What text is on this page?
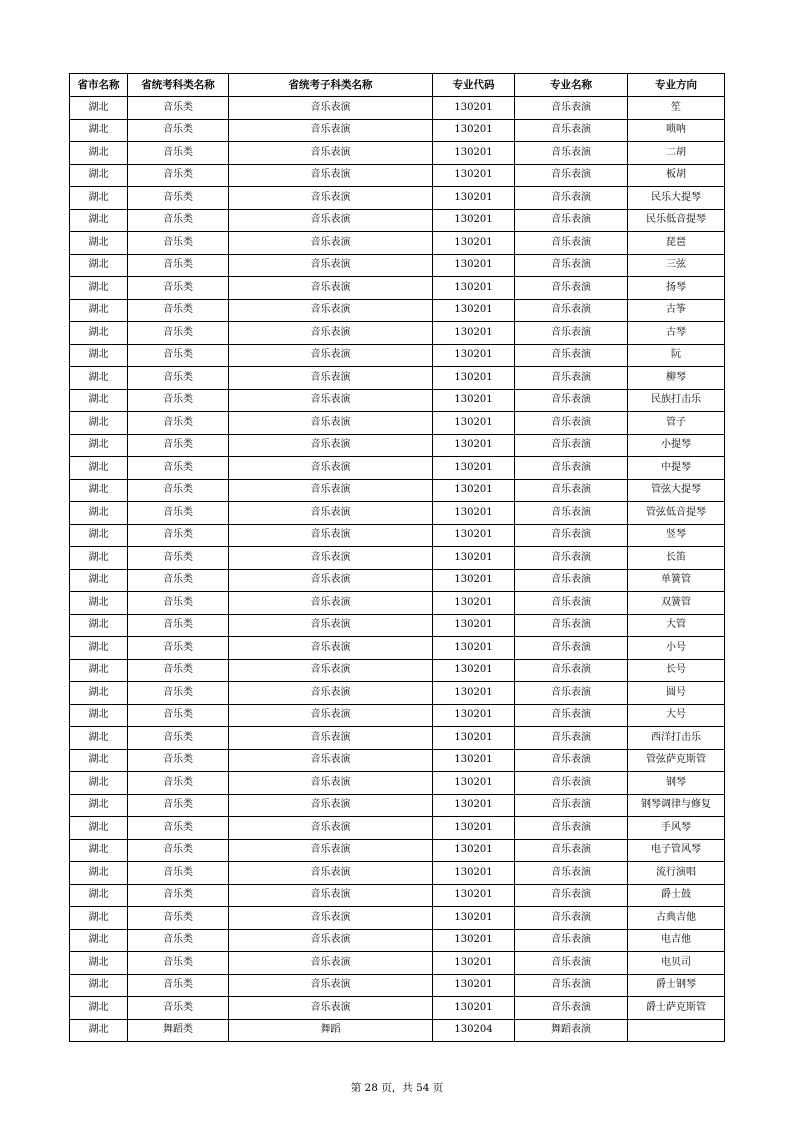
省市名称	省统考科类名称	省统考子科类名称	专业代码	专业名称	专业方向
湖北	音乐类	音乐表演	130201	音乐表演	笙
湖北	音乐类	音乐表演	130201	音乐表演	唢呐
湖北	音乐类	音乐表演	130201	音乐表演	二胡
湖北	音乐类	音乐表演	130201	音乐表演	板胡
湖北	音乐类	音乐表演	130201	音乐表演	民乐大提琴
湖北	音乐类	音乐表演	130201	音乐表演	民乐低音提琴
湖北	音乐类	音乐表演	130201	音乐表演	琵琶
湖北	音乐类	音乐表演	130201	音乐表演	三弦
湖北	音乐类	音乐表演	130201	音乐表演	扬琴
湖北	音乐类	音乐表演	130201	音乐表演	古筝
湖北	音乐类	音乐表演	130201	音乐表演	古琴
湖北	音乐类	音乐表演	130201	音乐表演	阮
湖北	音乐类	音乐表演	130201	音乐表演	柳琴
湖北	音乐类	音乐表演	130201	音乐表演	民族打击乐
湖北	音乐类	音乐表演	130201	音乐表演	管子
湖北	音乐类	音乐表演	130201	音乐表演	小提琴
湖北	音乐类	音乐表演	130201	音乐表演	中提琴
湖北	音乐类	音乐表演	130201	音乐表演	管弦大提琴
湖北	音乐类	音乐表演	130201	音乐表演	管弦低音提琴
湖北	音乐类	音乐表演	130201	音乐表演	竖琴
湖北	音乐类	音乐表演	130201	音乐表演	长笛
湖北	音乐类	音乐表演	130201	音乐表演	单簧管
湖北	音乐类	音乐表演	130201	音乐表演	双簧管
湖北	音乐类	音乐表演	130201	音乐表演	大管
湖北	音乐类	音乐表演	130201	音乐表演	小号
湖北	音乐类	音乐表演	130201	音乐表演	长号
湖北	音乐类	音乐表演	130201	音乐表演	圆号
湖北	音乐类	音乐表演	130201	音乐表演	大号
湖北	音乐类	音乐表演	130201	音乐表演	西洋打击乐
湖北	音乐类	音乐表演	130201	音乐表演	管弦萨克斯管
湖北	音乐类	音乐表演	130201	音乐表演	钢琴
湖北	音乐类	音乐表演	130201	音乐表演	钢琴调律与修复
湖北	音乐类	音乐表演	130201	音乐表演	手风琴
湖北	音乐类	音乐表演	130201	音乐表演	电子管风琴
湖北	音乐类	音乐表演	130201	音乐表演	流行演唱
湖北	音乐类	音乐表演	130201	音乐表演	爵士鼓
湖北	音乐类	音乐表演	130201	音乐表演	古典吉他
湖北	音乐类	音乐表演	130201	音乐表演	电吉他
湖北	音乐类	音乐表演	130201	音乐表演	电贝司
湖北	音乐类	音乐表演	130201	音乐表演	爵士钢琴
湖北	音乐类	音乐表演	130201	音乐表演	爵士萨克斯管
湖北	舞蹈类	舞蹈	130204	舞蹈表演	
第 28 页，共 54 页
